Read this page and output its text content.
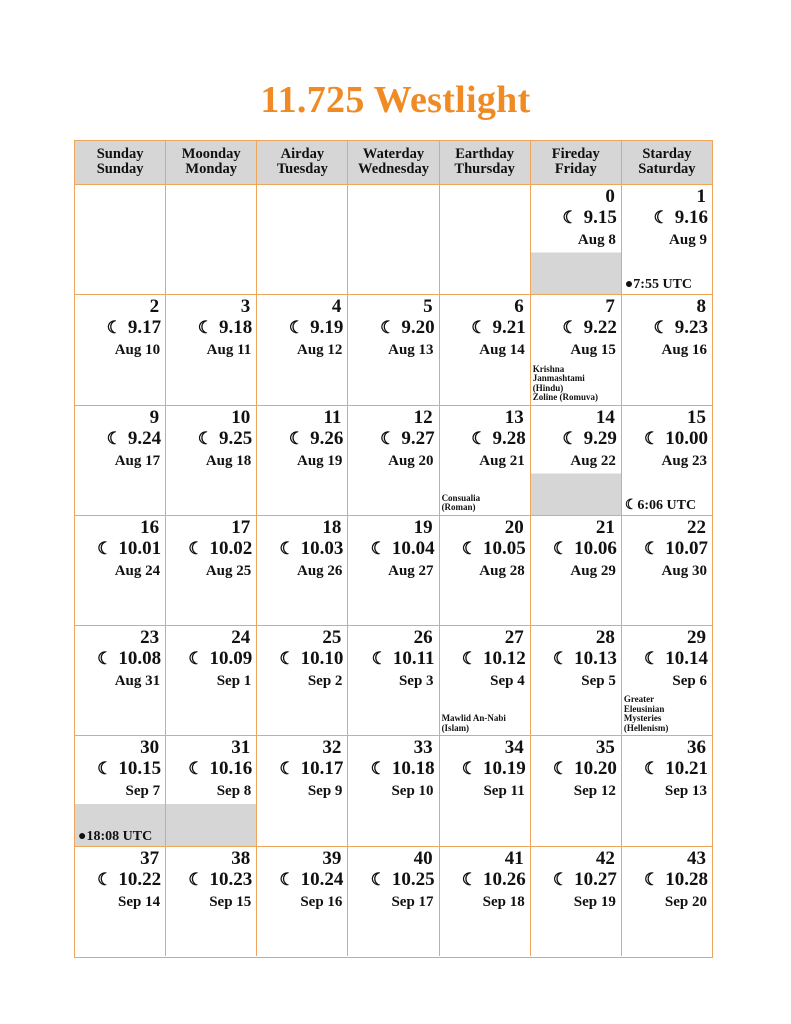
11.725 Westlight
Sunday
Sunday
Moonday
Monday
Airday
Tuesday
Waterday
Wednesday
Earthday
Thursday
Fireday
Friday
Starday
Saturday
0
☾ 9.15
Aug 8
1
☾ 9.16
Aug 9
●7:55 UTC
2
☾ 9.17
Aug 10
3
☾ 9.18
Aug 11
4
☾ 9.19
Aug 12
5
☾ 9.20
Aug 13
6
☾ 9.21
Aug 14
7
☾ 9.22
Aug 15
Krishna
Janmashtami
(Hindu)
Zoline (Romuva)
8
☾ 9.23
Aug 16
9
☾ 9.24
Aug 17
10
☾ 9.25
Aug 18
11
☾ 9.26
Aug 19
12
☾ 9.27
Aug 20
13
☾ 9.28
Aug 21
Consualia
(Roman)
14
☾ 9.29
Aug 22
15
☾ 10.00
Aug 23
☾6:06 UTC
16
☾ 10.01
Aug 24
17
☾ 10.02
Aug 25
18
☾ 10.03
Aug 26
19
☾ 10.04
Aug 27
20
☾ 10.05
Aug 28
21
☾ 10.06
Aug 29
22
☾ 10.07
Aug 30
23
☾ 10.08
Aug 31
24
☾ 10.09
Sep 1
25
☾ 10.10
Sep 2
26
☾ 10.11
Sep 3
27
☾ 10.12
Sep 4
Mawlid An-Nabi
(Islam)
28
☾ 10.13
Sep 5
29
☾ 10.14
Sep 6
Greater
Eleusinian
Mysteries
(Hellenism)
30
☾ 10.15
Sep 7
●18:08 UTC
31
☾ 10.16
Sep 8
32
☾ 10.17
Sep 9
33
☾ 10.18
Sep 10
34
☾ 10.19
Sep 11
35
☾ 10.20
Sep 12
36
☾ 10.21
Sep 13
37
☾ 10.22
Sep 14
38
☾ 10.23
Sep 15
39
☾ 10.24
Sep 16
40
☾ 10.25
Sep 17
41
☾ 10.26
Sep 18
42
☾ 10.27
Sep 19
43
☾ 10.28
Sep 20
